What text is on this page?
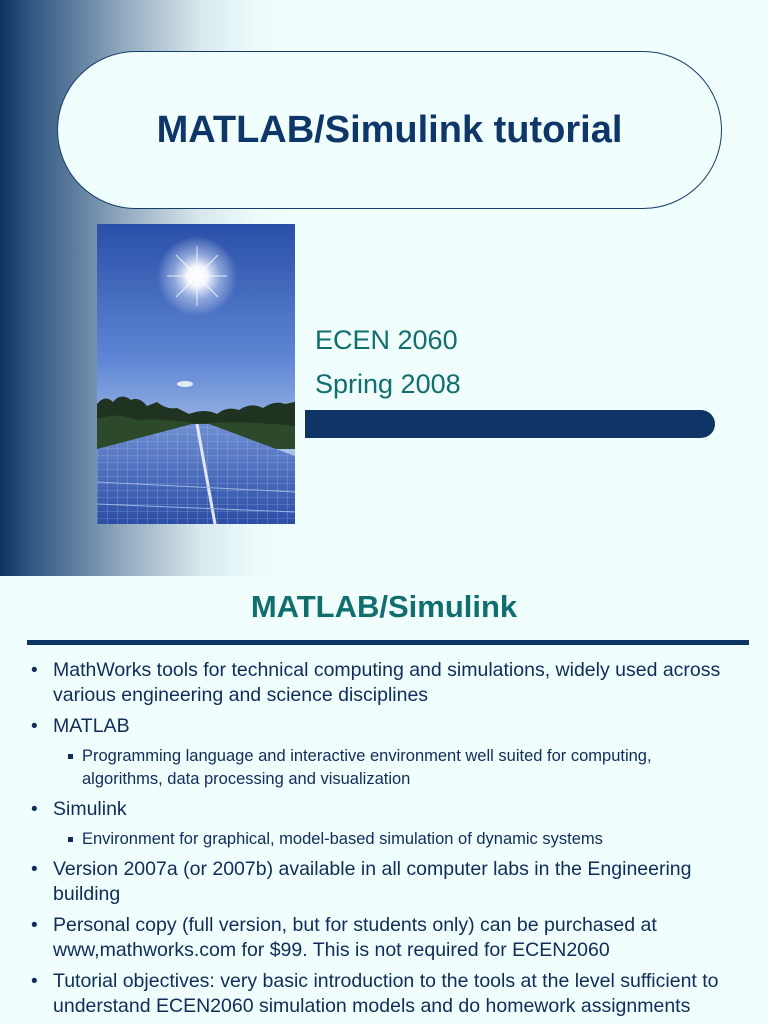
MATLAB/Simulink tutorial
ECEN 2060
Spring 2008
MATLAB/Simulink
• MathWorks tools for technical computing and simulations, widely used across various engineering and science disciplines
• MATLAB
Programming language and interactive environment well suited for computing, algorithms, data processing and visualization
• Simulink
Environment for graphical, model-based simulation of dynamic systems
• Version 2007a (or 2007b) available in all computer labs in the Engineering building
• Personal copy (full version, but for students only) can be purchased at www,mathworks.com for $99. This is not required for ECEN2060
• Tutorial objectives: very basic introduction to the tools at the level sufficient to understand ECEN2060 simulation models and do homework assignments
